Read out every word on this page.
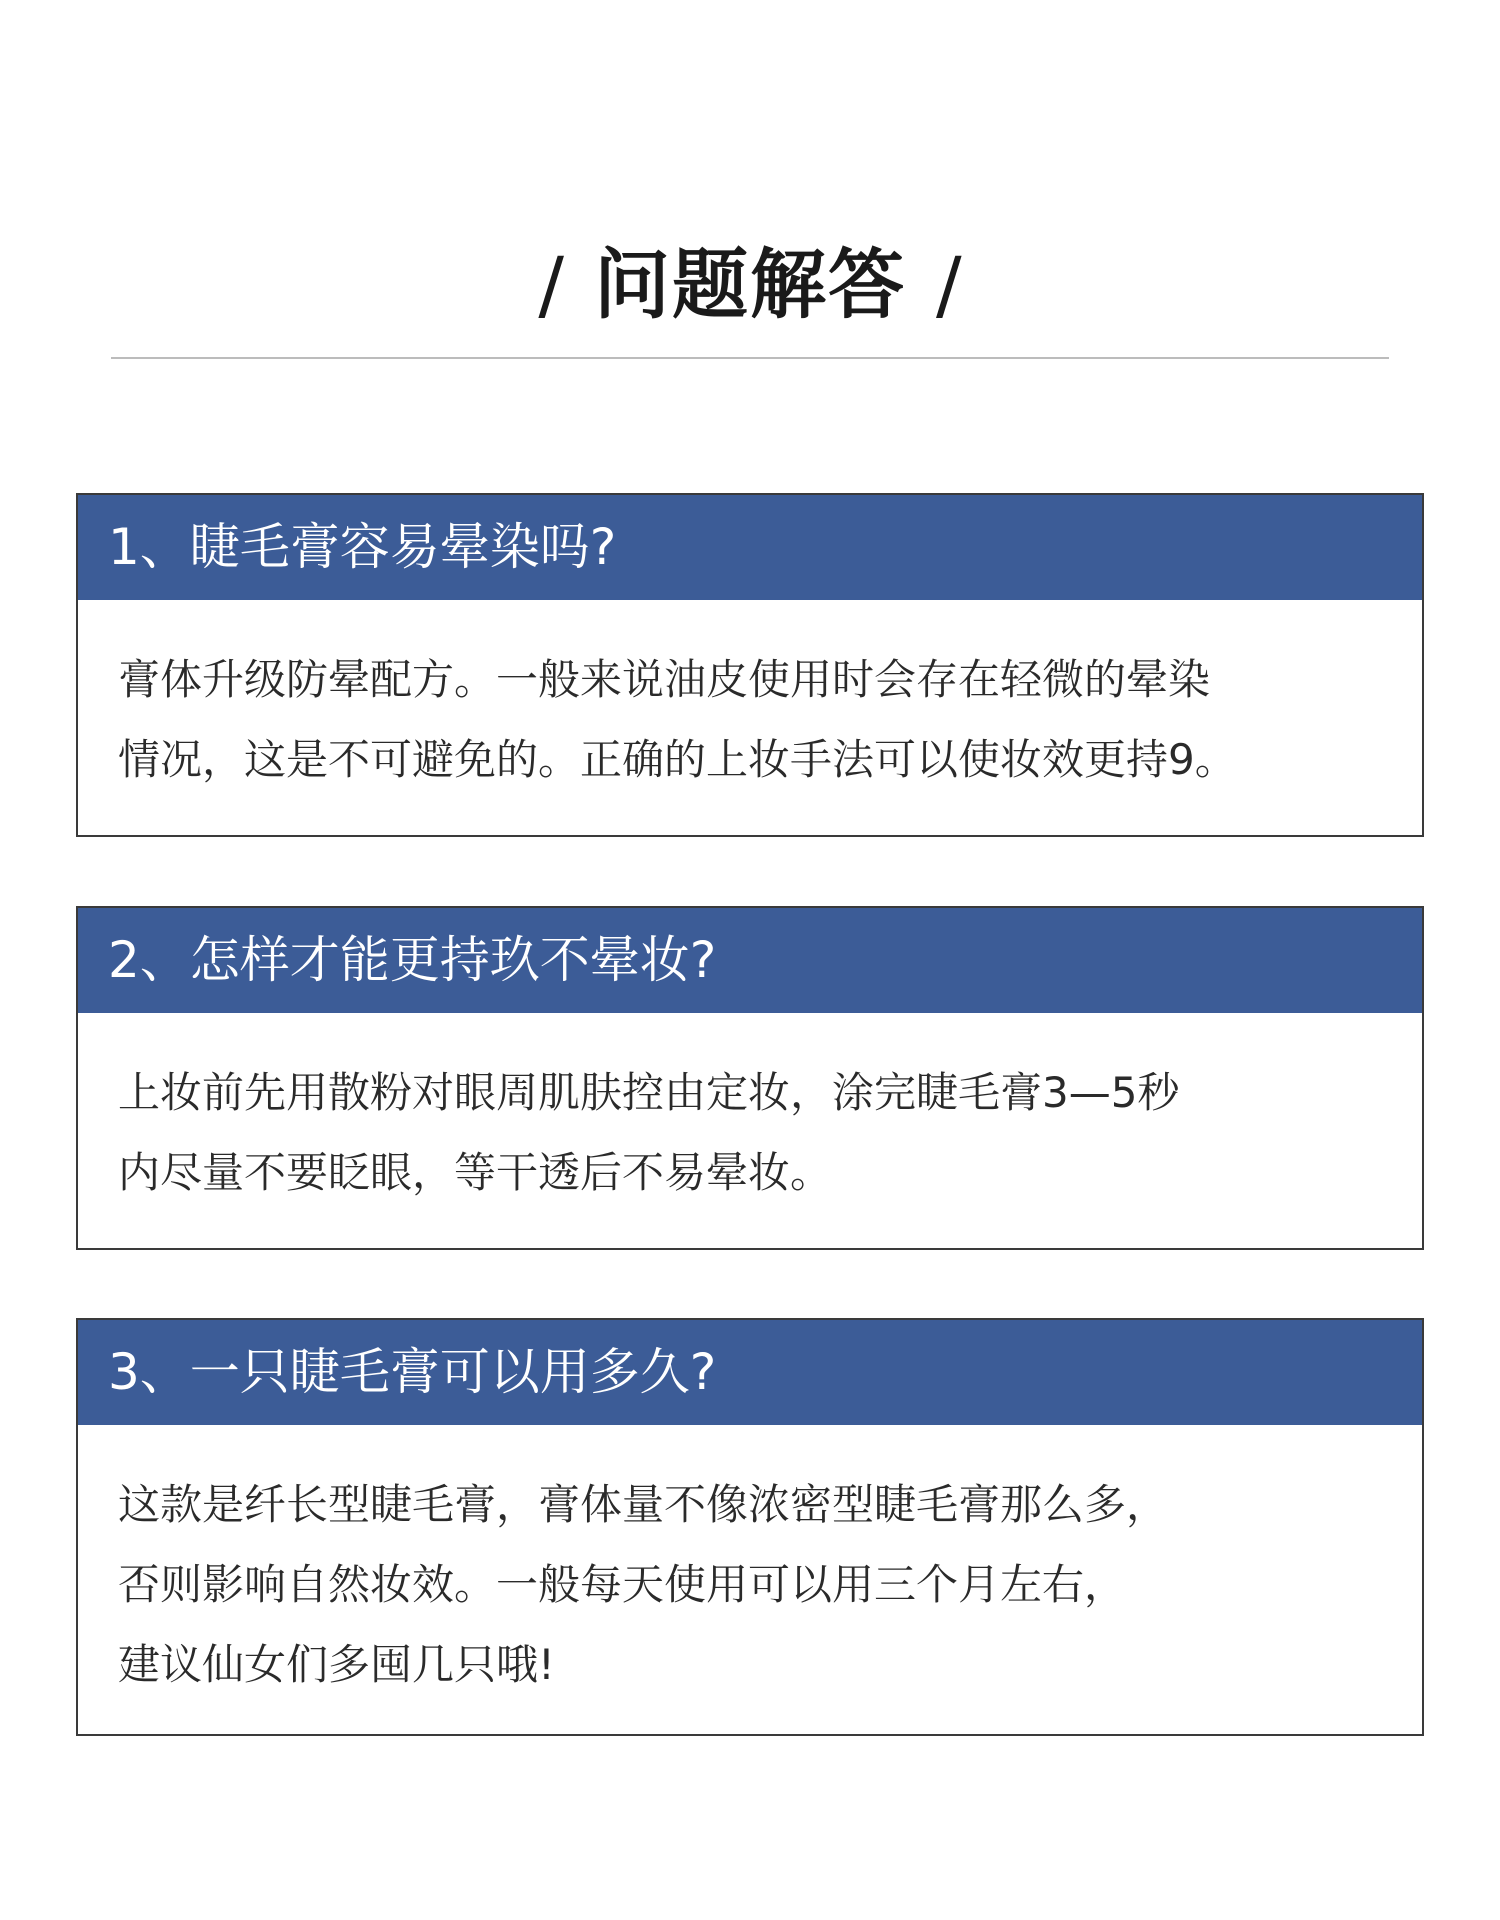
/ 问题解答 /
1、睫毛膏容易晕染吗?
膏体升级防晕配方。一般来说油皮使用时会存在轻微的晕染
情况，这是不可避免的。正确的上妆手法可以使妆效更持9。
2、怎样才能更持玖不晕妆?
上妆前先用散粉对眼周肌肤控由定妆，涂完睫毛膏3—5秒
内尽量不要眨眼，等干透后不易晕妆。
3、一只睫毛膏可以用多久?
这款是纤长型睫毛膏，膏体量不像浓密型睫毛膏那么多，
否则影响自然妆效。一般每天使用可以用三个月左右，
建议仙女们多囤几只哦!
